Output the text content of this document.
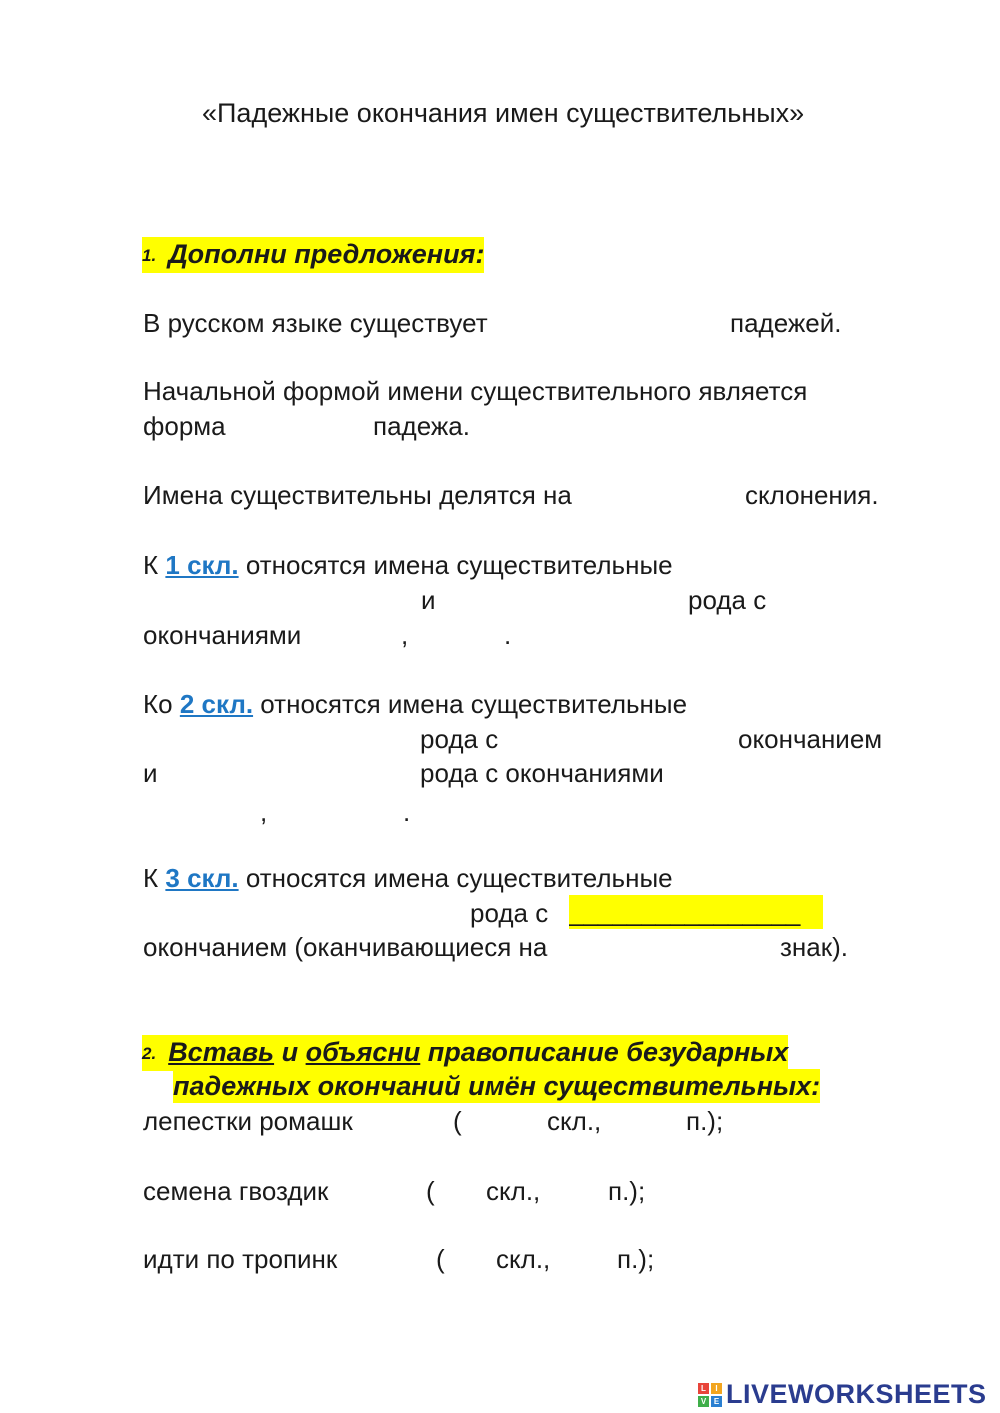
«Падежные окончания имен существительных»
1. Дополни предложения:
В русском языке существует	падежей.
Начальной формой имени существительного является
форма	падежа.
Имена существительны делятся на	склонения.
К 1 скл. относятся имена существительные
и	рода с
окончаниями	,	.
Ко 2 скл. относятся имена существительные
рода с	окончанием
и	рода с окончаниями
,	.
К 3 скл. относятся имена существительные
рода с ________________
окончанием (оканчивающиеся на	знак).
2. Вставь и объясни правописание безударных
падежных окончаний имён существительных:
лепестки ромашк	(	скл.,	п.);
семена гвоздик	( скл.,	п.);
идти по тропинк	( скл.,	п.);
L	I
V E LIVEWORKSHEETS
